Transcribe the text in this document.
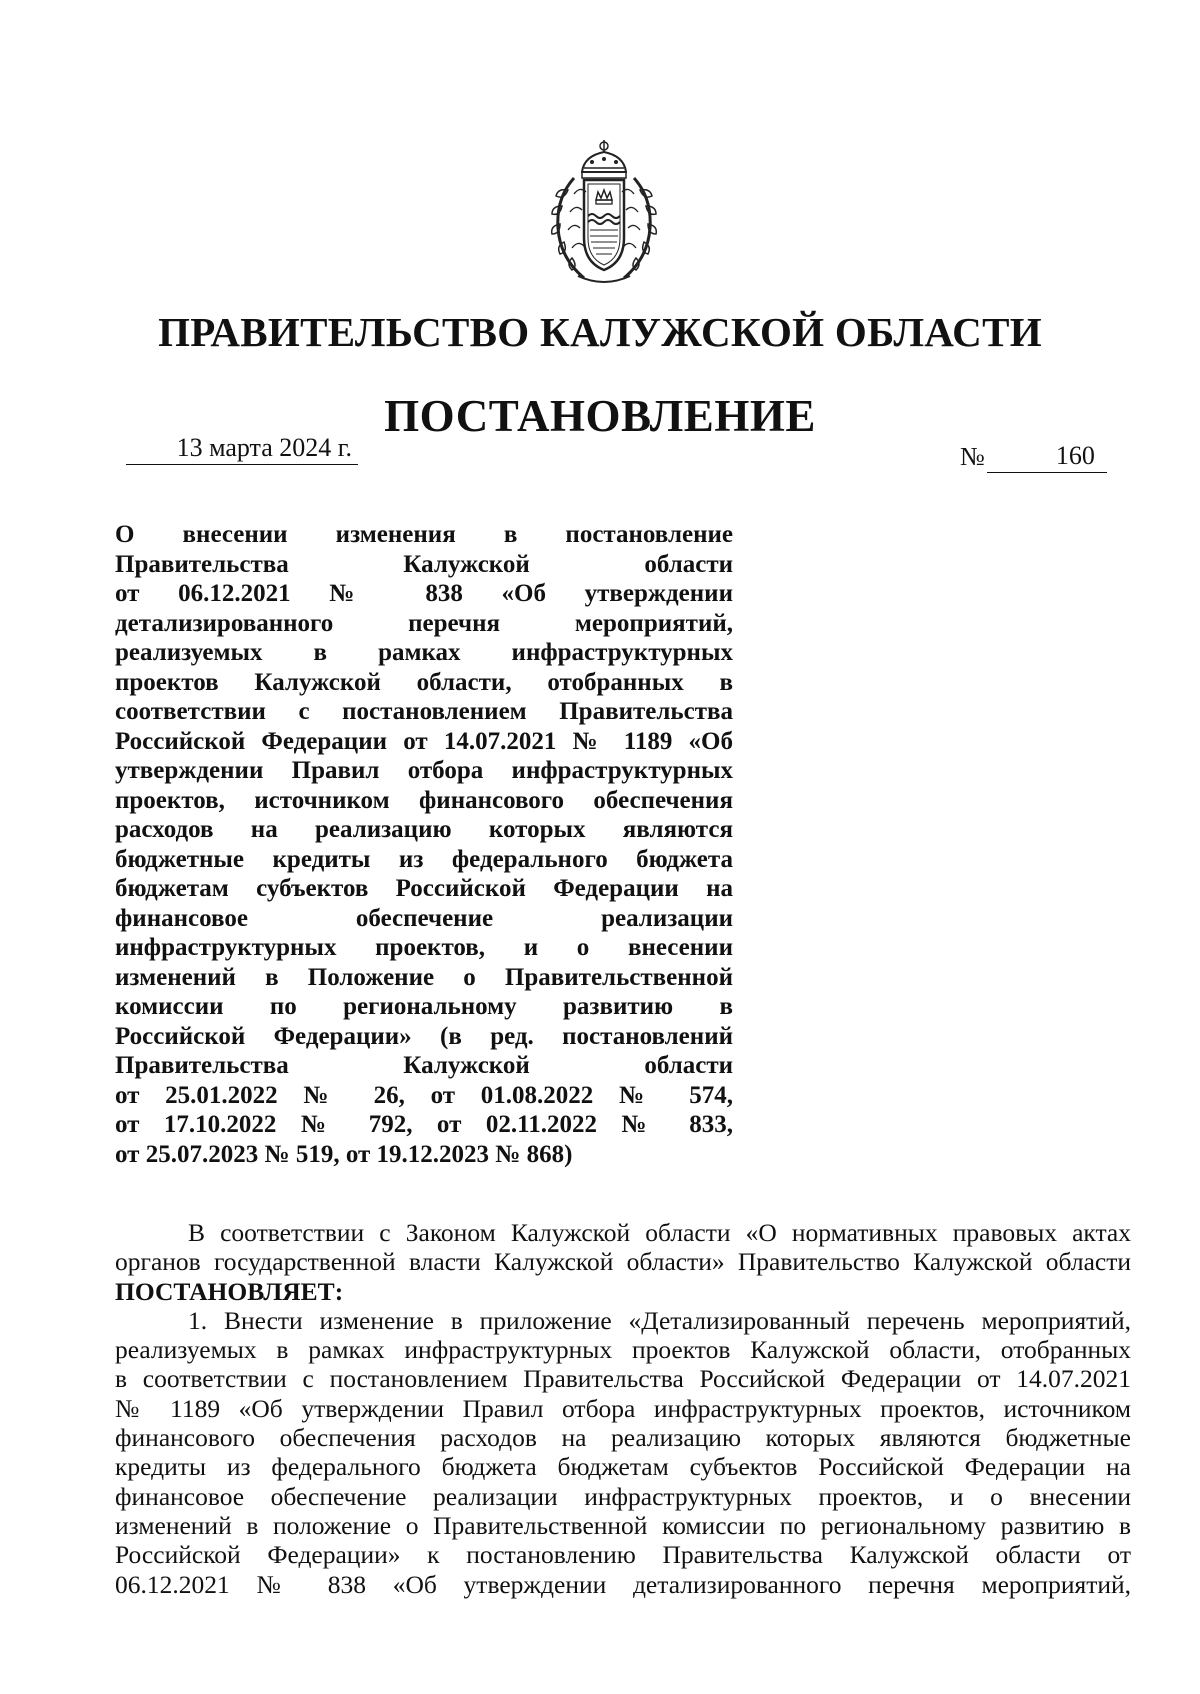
ПРАВИТЕЛЬСТВО КАЛУЖСКОЙ ОБЛАСТИ
ПОСТАНОВЛЕНИЕ
13 марта 2024 г.	№	160
О внесении изменения в постановление
Правительства Калужской области
от 06.12.2021 № 838 «Об утверждении
детализированного перечня мероприятий,
реализуемых в рамках инфраструктурных
проектов Калужской области, отобранных в
соответствии с постановлением Правительства
Российской Федерации от 14.07.2021 № 1189 «Об
утверждении Правил отбора инфраструктурных
проектов, источником финансового обеспечения
расходов на реализацию которых являются
бюджетные кредиты из федерального бюджета
бюджетам субъектов Российской Федерации на
финансовое обеспечение реализации
инфраструктурных проектов, и о внесении
изменений в Положение о Правительственной
комиссии по региональному развитию в
Российской Федерации» (в ред. постановлений
Правительства Калужской области
от 25.01.2022 № 26, от 01.08.2022 № 574,
от 17.10.2022 № 792, от 02.11.2022 № 833,
от 25.07.2023 № 519, от 19.12.2023 № 868)
В соответствии с Законом Калужской области «О нормативных правовых актах
органов государственной власти Калужской области» Правительство Калужской области
ПОСТАНОВЛЯЕТ:
1. Внести изменение в приложение «Детализированный перечень мероприятий,
реализуемых в рамках инфраструктурных проектов Калужской области, отобранных
в соответствии с постановлением Правительства Российской Федерации от 14.07.2021
№ 1189 «Об утверждении Правил отбора инфраструктурных проектов, источником
финансового обеспечения расходов на реализацию которых являются бюджетные
кредиты из федерального бюджета бюджетам субъектов Российской Федерации на
финансовое обеспечение реализации инфраструктурных проектов, и о внесении
изменений в положение о Правительственной комиссии по региональному развитию в
Российской Федерации» к постановлению Правительства Калужской области от
06.12.2021 № 838 «Об утверждении детализированного перечня мероприятий,
